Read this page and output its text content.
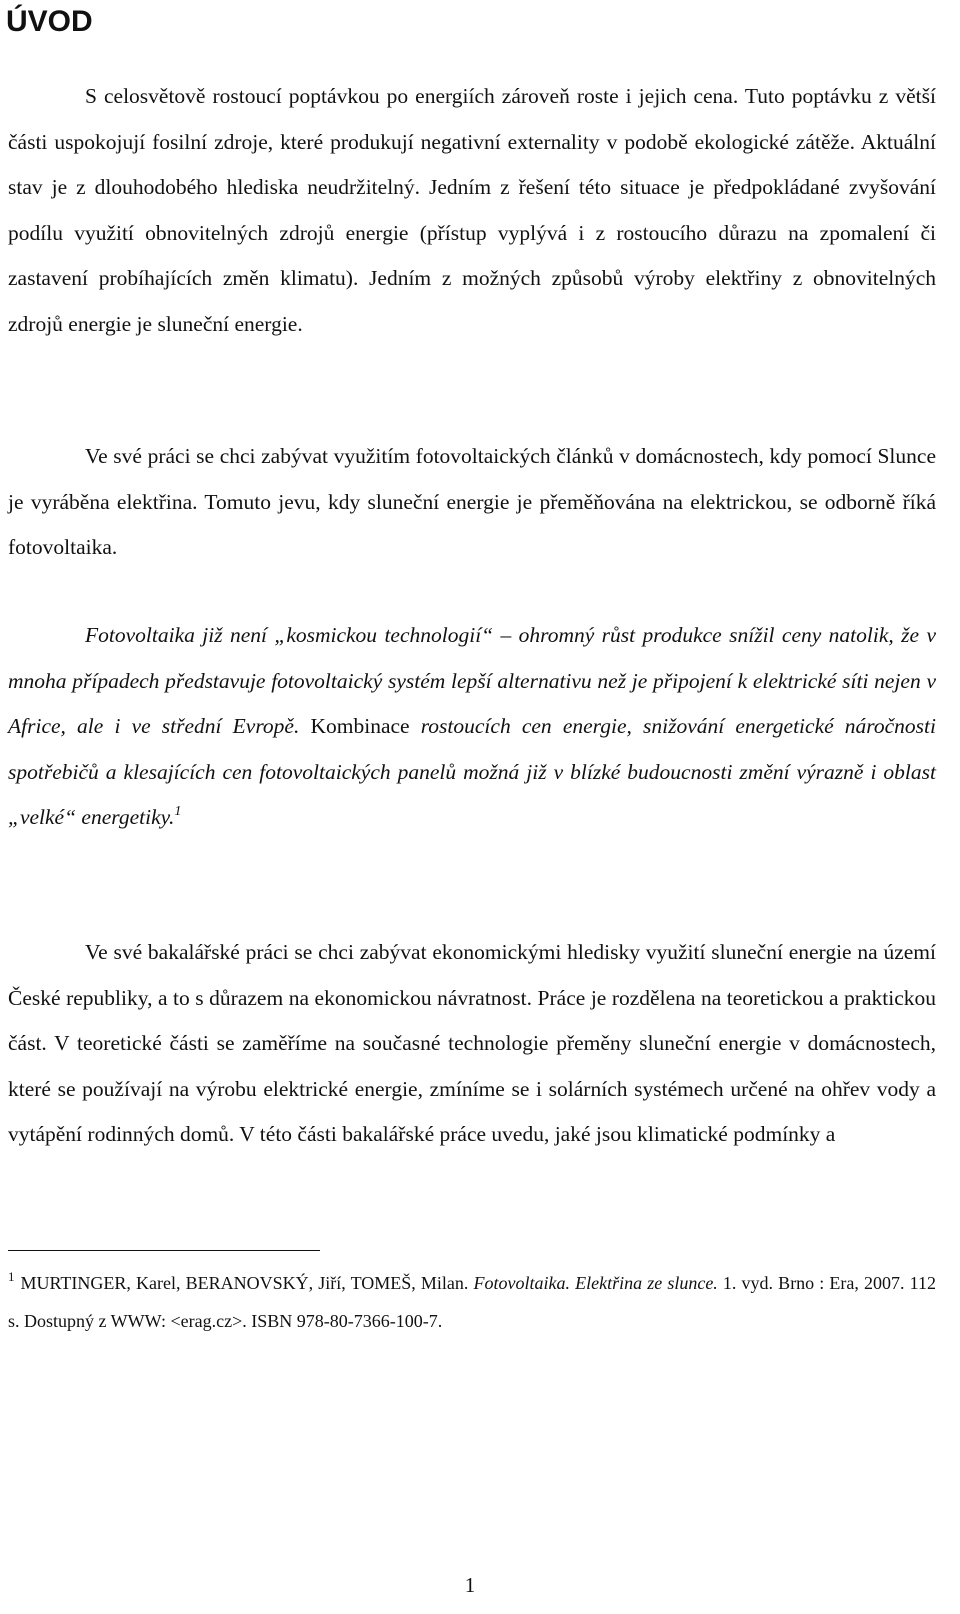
ÚVOD

S celosvětově rostoucí poptávkou po energiích zároveň roste i jejich cena. Tuto poptávku z větší části uspokojují fosilní zdroje, které produkují negativní externality v podobě ekologické zátěže. Aktuální stav je z dlouhodobého hlediska neudržitelný. Jedním z řešení této situace je předpokládané zvyšování podílu využití obnovitelných zdrojů energie (přístup vyplývá i z rostoucího důrazu na zpomalení či zastavení probíhajících změn klimatu). Jedním z možných způsobů výroby elektřiny z obnovitelných zdrojů energie je sluneční energie.

Ve své práci se chci zabývat využitím fotovoltaických článků v domácnostech, kdy pomocí Slunce je vyráběna elektřina. Tomuto jevu, kdy sluneční energie je přeměňována na elektrickou, se odborně říká fotovoltaika.

Fotovoltaika již není „kosmickou technologií“ – ohromný růst produkce snížil ceny natolik, že v mnoha případech představuje fotovoltaický systém lepší alternativu než je připojení k elektrické síti nejen v Africe, ale i ve střední Evropě. Kombinace rostoucích cen energie, snižování energetické náročnosti spotřebičů a klesajících cen fotovoltaických panelů možná již v blízké budoucnosti změní výrazně i oblast „velké“ energetiky.$^1$

Ve své bakalářské práci se chci zabývat ekonomickými hledisky využití sluneční energie na území České republiky, a to s důrazem na ekonomickou návratnost. Práce je rozdělena na teoretickou a praktickou část. V teoretické části se zaměříme na současné technologie přeměny sluneční energie v domácnostech, které se používají na výrobu elektrické energie, zmíníme se i solárních systémech určené na ohřev vody a vytápění rodinných domů. V této části bakalářské práce uvedu, jaké jsou klimatické podmínky a

$^1$ MURTINGER, Karel, BERANOVSKÝ, Jiří, TOMEŠ, Milan. Fotovoltaika. Elektřina ze slunce. 1. vyd. Brno : Era, 2007. 112 s. Dostupný z WWW: <erag.cz>. ISBN 978-80-7366-100-7.

1
